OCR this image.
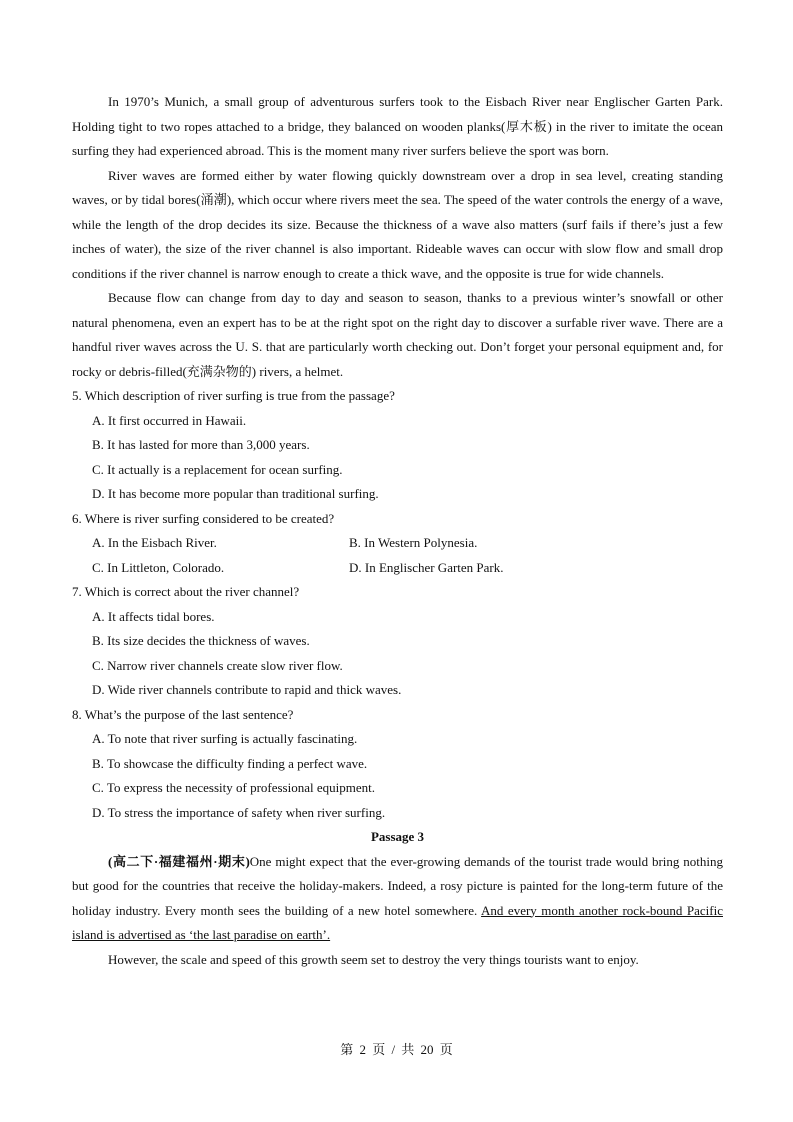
In 1970’s Munich, a small group of adventurous surfers took to the Eisbach River near Englischer Garten Park. Holding tight to two ropes attached to a bridge, they balanced on wooden planks(厚木板) in the river to imitate the ocean surfing they had experienced abroad. This is the moment many river surfers believe the sport was born.

River waves are formed either by water flowing quickly downstream over a drop in sea level, creating standing waves, or by tidal bores(涌潮), which occur where rivers meet the sea. The speed of the water controls the energy of a wave, while the length of the drop decides its size. Because the thickness of a wave also matters (surf fails if there’s just a few inches of water), the size of the river channel is also important. Rideable waves can occur with slow flow and small drop conditions if the river channel is narrow enough to create a thick wave, and the opposite is true for wide channels.

Because flow can change from day to day and season to season, thanks to a previous winter’s snowfall or other natural phenomena, even an expert has to be at the right spot on the right day to discover a surfable river wave. There are a handful river waves across the U. S. that are particularly worth checking out. Don’t forget your personal equipment and, for rocky or debris-filled(充满杂物的) rivers, a helmet.

5. Which description of river surfing is true from the passage?

A. It first occurred in Hawaii.

B. It has lasted for more than 3,000 years.

C. It actually is a replacement for ocean surfing.

D. It has become more popular than traditional surfing.

6. Where is river surfing considered to be created?

A. In the Eisbach River.	B. In Western Polynesia.
C. In Littleton, Colorado.	D. In Englischer Garten Park.

7. Which is correct about the river channel?

A. It affects tidal bores.

B. Its size decides the thickness of waves.

C. Narrow river channels create slow river flow.

D. Wide river channels contribute to rapid and thick waves.

8. What’s the purpose of the last sentence?

A. To note that river surfing is actually fascinating.

B. To showcase the difficulty finding a perfect wave.

C. To express the necessity of professional equipment.

D. To stress the importance of safety when river surfing.

Passage 3

(高二下·福建福州·期末)One might expect that the ever-growing demands of the tourist trade would bring nothing but good for the countries that receive the holiday-makers. Indeed, a rosy picture is painted for the long-term future of the holiday industry. Every month sees the building of a new hotel somewhere. And every month another rock-bound Pacific island is advertised as ‘the last paradise on earth’.

However, the scale and speed of this growth seem set to destroy the very things tourists want to enjoy.

第 2 页 / 共 20 页
